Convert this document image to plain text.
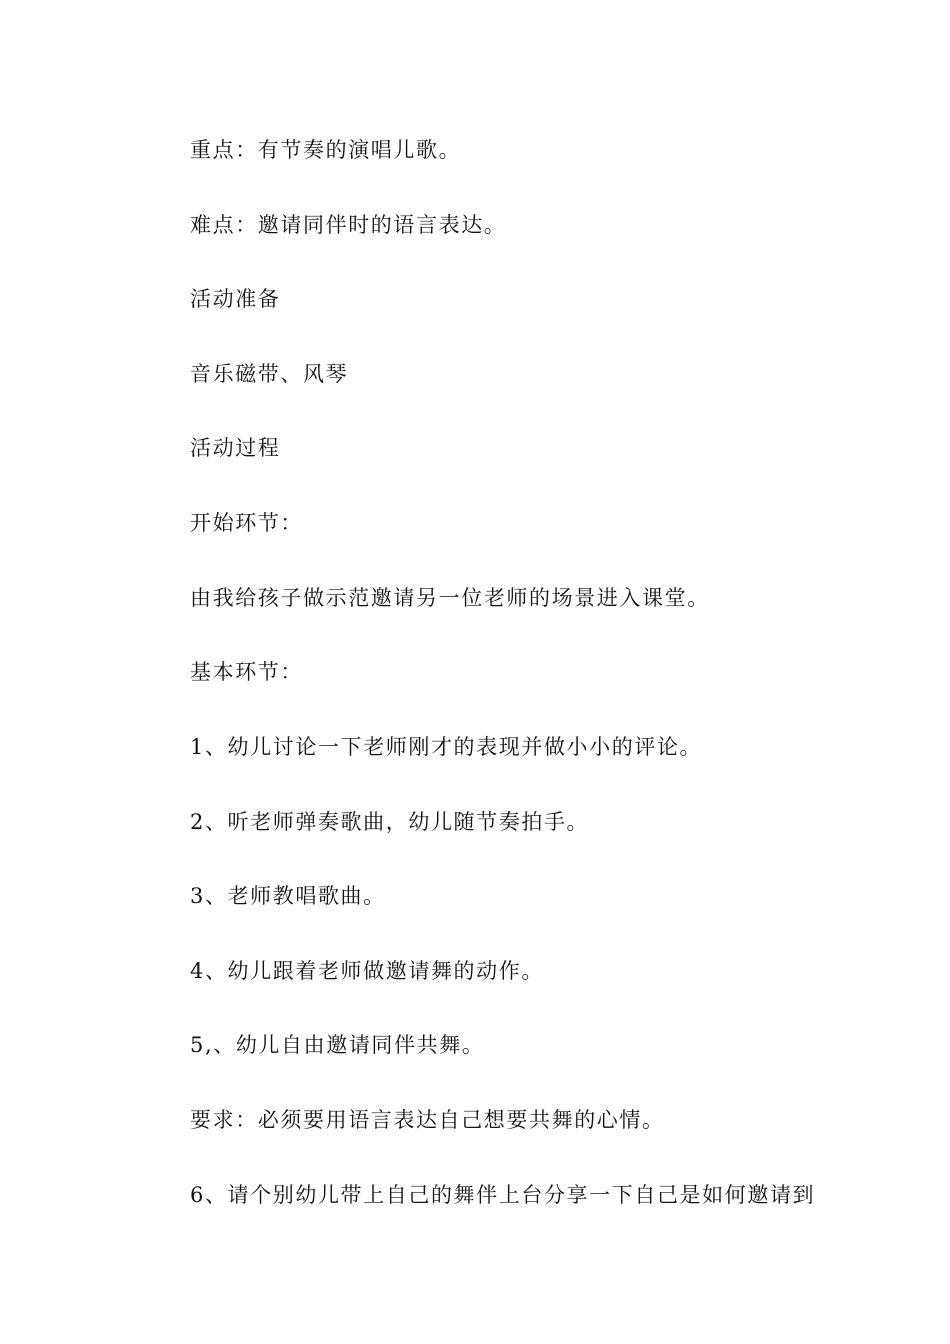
重点：有节奏的演唱儿歌。

难点：邀请同伴时的语言表达。

活动准备

音乐磁带、风琴

活动过程

开始环节：

由我给孩子做示范邀请另一位老师的场景进入课堂。

基本环节：

1、幼儿讨论一下老师刚才的表现并做小小的评论。

2、听老师弹奏歌曲，幼儿随节奏拍手。

3、老师教唱歌曲。

4、幼儿跟着老师做邀请舞的动作。

5,、幼儿自由邀请同伴共舞。

要求：必须要用语言表达自己想要共舞的心情。

6、请个别幼儿带上自己的舞伴上台分享一下自己是如何邀请到
